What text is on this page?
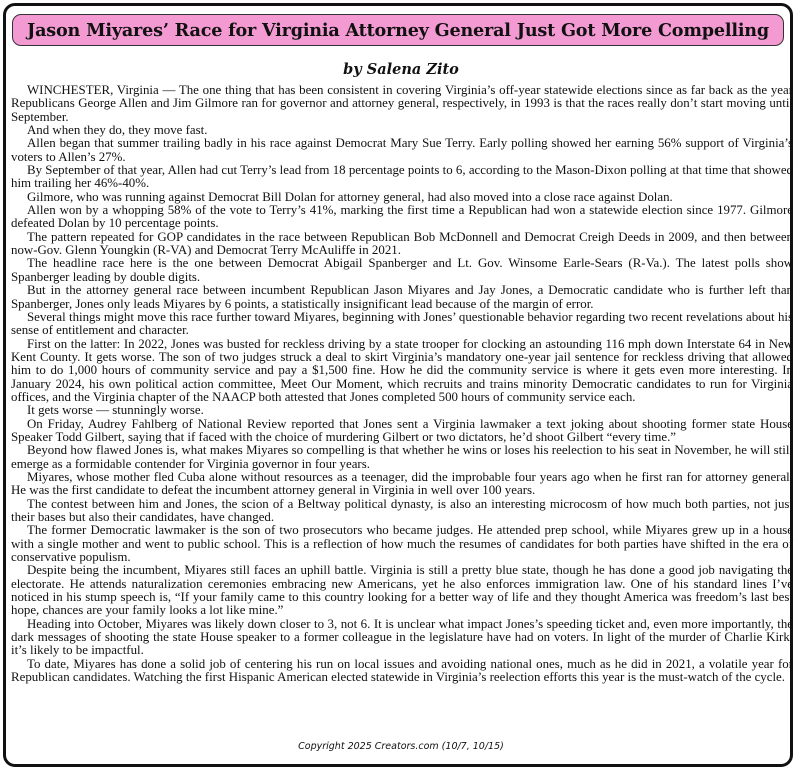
Jason Miyares’ Race for Virginia Attorney General Just Got More Compelling
by Salena Zito

WINCHESTER, Virginia — The one thing that has been consistent in covering Virginia’s off-year statewide elections since as far back as the year Republicans George Allen and Jim Gilmore ran for governor and attorney general, respectively, in 1993 is that the races really don’t start moving until September.

And when they do, they move fast.

Allen began that summer trailing badly in his race against Democrat Mary Sue Terry. Early polling showed her earning 56% support of Virginia’s voters to Allen’s 27%.

By September of that year, Allen had cut Terry’s lead from 18 percentage points to 6, according to the Mason-Dixon polling at that time that showed him trailing her 46%-40%.

Gilmore, who was running against Democrat Bill Dolan for attorney general, had also moved into a close race against Dolan.

Allen won by a whopping 58% of the vote to Terry’s 41%, marking the first time a Republican had won a statewide election since 1977. Gilmore defeated Dolan by 10 percentage points.

The pattern repeated for GOP candidates in the race between Republican Bob McDonnell and Democrat Creigh Deeds in 2009, and then between now-Gov. Glenn Youngkin (R-VA) and Democrat Terry McAuliffe in 2021.

The headline race here is the one between Democrat Abigail Spanberger and Lt. Gov. Winsome Earle-Sears (R-Va.). The latest polls show Spanberger leading by double digits.

But in the attorney general race between incumbent Republican Jason Miyares and Jay Jones, a Democratic candidate who is further left than Spanberger, Jones only leads Miyares by 6 points, a statistically insignificant lead because of the margin of error.

Several things might move this race further toward Miyares, beginning with Jones’ questionable behavior regarding two recent revelations about his sense of entitlement and character.

First on the latter: In 2022, Jones was busted for reckless driving by a state trooper for clocking an astounding 116 mph down Interstate 64 in New Kent County. It gets worse. The son of two judges struck a deal to skirt Virginia’s mandatory one-year jail sentence for reckless driving that allowed him to do 1,000 hours of community service and pay a $1,500 fine. How he did the community service is where it gets even more interesting. In January 2024, his own political action committee, Meet Our Moment, which recruits and trains minority Democratic candidates to run for Virginia offices, and the Virginia chapter of the NAACP both attested that Jones completed 500 hours of community service each.

It gets worse — stunningly worse.

On Friday, Audrey Fahlberg of National Review reported that Jones sent a Virginia lawmaker a text joking about shooting former state House Speaker Todd Gilbert, saying that if faced with the choice of murdering Gilbert or two dictators, he’d shoot Gilbert “every time.”

Beyond how flawed Jones is, what makes Miyares so compelling is that whether he wins or loses his reelection to his seat in November, he will still emerge as a formidable contender for Virginia governor in four years.

Miyares, whose mother fled Cuba alone without resources as a teenager, did the improbable four years ago when he first ran for attorney general. He was the first candidate to defeat the incumbent attorney general in Virginia in well over 100 years.

The contest between him and Jones, the scion of a Beltway political dynasty, is also an interesting microcosm of how much both parties, not just their bases but also their candidates, have changed.

The former Democratic lawmaker is the son of two prosecutors who became judges. He attended prep school, while Miyares grew up in a house with a single mother and went to public school. This is a reflection of how much the resumes of candidates for both parties have shifted in the era of conservative populism.

Despite being the incumbent, Miyares still faces an uphill battle. Virginia is still a pretty blue state, though he has done a good job navigating the electorate. He attends naturalization ceremonies embracing new Americans, yet he also enforces immigration law. One of his standard lines I’ve noticed in his stump speech is, “If your family came to this country looking for a better way of life and they thought America was freedom’s last best hope, chances are your family looks a lot like mine.”

Heading into October, Miyares was likely down closer to 3, not 6. It is unclear what impact Jones’s speeding ticket and, even more importantly, the dark messages of shooting the state House speaker to a former colleague in the legislature have had on voters. In light of the murder of Charlie Kirk, it’s likely to be impactful.

To date, Miyares has done a solid job of centering his run on local issues and avoiding national ones, much as he did in 2021, a volatile year for Republican candidates. Watching the first Hispanic American elected statewide in Virginia’s reelection efforts this year is the must-watch of the cycle.

Copyright 2025 Creators.com (10/7, 10/15)
